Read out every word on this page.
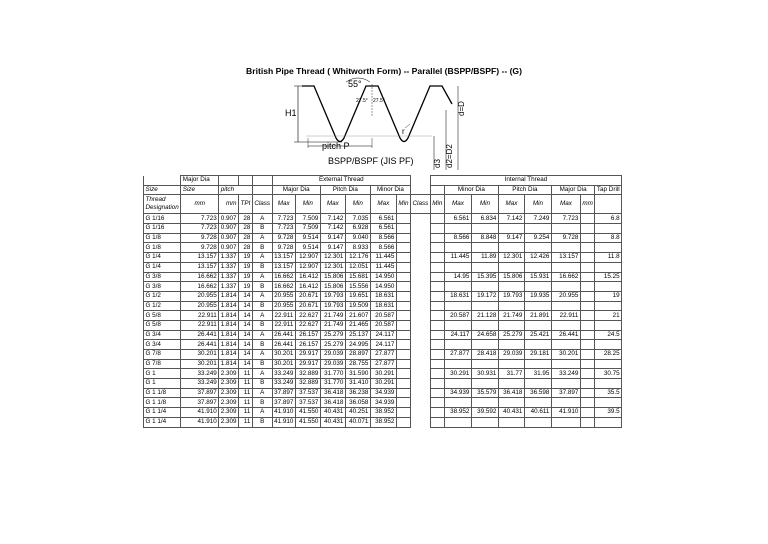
British Pipe Thread ( Whitworth Form) -- Parallel (BSPP/BSPF) -- (G)
H1
55°
27.5° 27.5°
pitch P
r
d3 d2=D2
d=D
BSPP/BSPF (JIS PF)
	Major Dia				External Thread							Internal Thread							
Size	Size	pitch			Major Dia		Pitch Dia		Minor Dia				Minor Dia		Pitch Dia		Major Dia		Tap Drill
Thread
Designation	mm	mm	TPI	Class	Max	Min	Max	Min	Max	Min	Class	Min	Max	Min	Max	Min	Max	mm	
G 1/16	7.723	0.907	28	A	7.723	7.509	7.142	7.035	6.561				6.561	6.834	7.142	7.249	7.723		6.8
G 1/16	7.723	0.907	28	B	7.723	7.509	7.142	6.928	6.561										
G 1/8	9.728	0.907	28	A	9.728	9.514	9.147	9.040	8.566				8.566	8.848	9.147	9.254	9.728		8.8
G 1/8	9.728	0.907	28	B	9.728	9.514	9.147	8.933	8.566										
G 1/4	13.157	1.337	19	A	13.157	12.907	12.301	12.176	11.445				11.445	11.89	12.301	12.426	13.157		11.8
G 1/4	13.157	1.337	19	B	13.157	12.907	12.301	12.051	11.445										
G 3/8	16.662	1.337	19	A	16.662	16.412	15.806	15.681	14.950				14.95	15.395	15.806	15.931	16.662		15.25
G 3/8	16.662	1.337	19	B	16.662	16.412	15.806	15.556	14.950										
G 1/2	20.955	1.814	14	A	20.955	20.671	19.793	19.651	18.631				18.631	19.172	19.793	19.935	20.955		19
G 1/2	20.955	1.814	14	B	20.955	20.671	19.793	19.509	18.631										
G 5/8	22.911	1.814	14	A	22.911	22.627	21.749	21.607	20.587				20.587	21.128	21.749	21.891	22.911		21
G 5/8	22.911	1.814	14	B	22.911	22.627	21.749	21.465	20.587										
G 3/4	26.441	1.814	14	A	26.441	26.157	25.279	25.137	24.117				24.117	24.658	25.279	25.421	26.441		24.5
G 3/4	26.441	1.814	14	B	26.441	26.157	25.279	24.995	24.117										
G 7/8	30.201	1.814	14	A	30.201	29.917	29.039	28.897	27.877				27.877	28.418	29.039	29.181	30.201		28.25
G 7/8	30.201	1.814	14	B	30.201	29.917	29.039	28.755	27.877										
G 1	33.249	2.309	11	A	33.249	32.889	31.770	31.590	30.291				30.291	30.931	31.77	31.95	33.249		30.75
G 1	33.249	2.309	11	B	33.249	32.889	31.770	31.410	30.291										
G 1 1/8	37.897	2.309	11	A	37.897	37.537	36.418	36.238	34.939				34.939	35.579	36.418	36.598	37.897		35.5
G 1 1/8	37.897	2.309	11	B	37.897	37.537	36.418	36.058	34.939										
G 1 1/4	41.910	2.309	11	A	41.910	41.550	40.431	40.251	38.952				38.952	39.592	40.431	40.611	41.910		39.5
G 1 1/4	41.910	2.309	11	B	41.910	41.550	40.431	40.071	38.952										
